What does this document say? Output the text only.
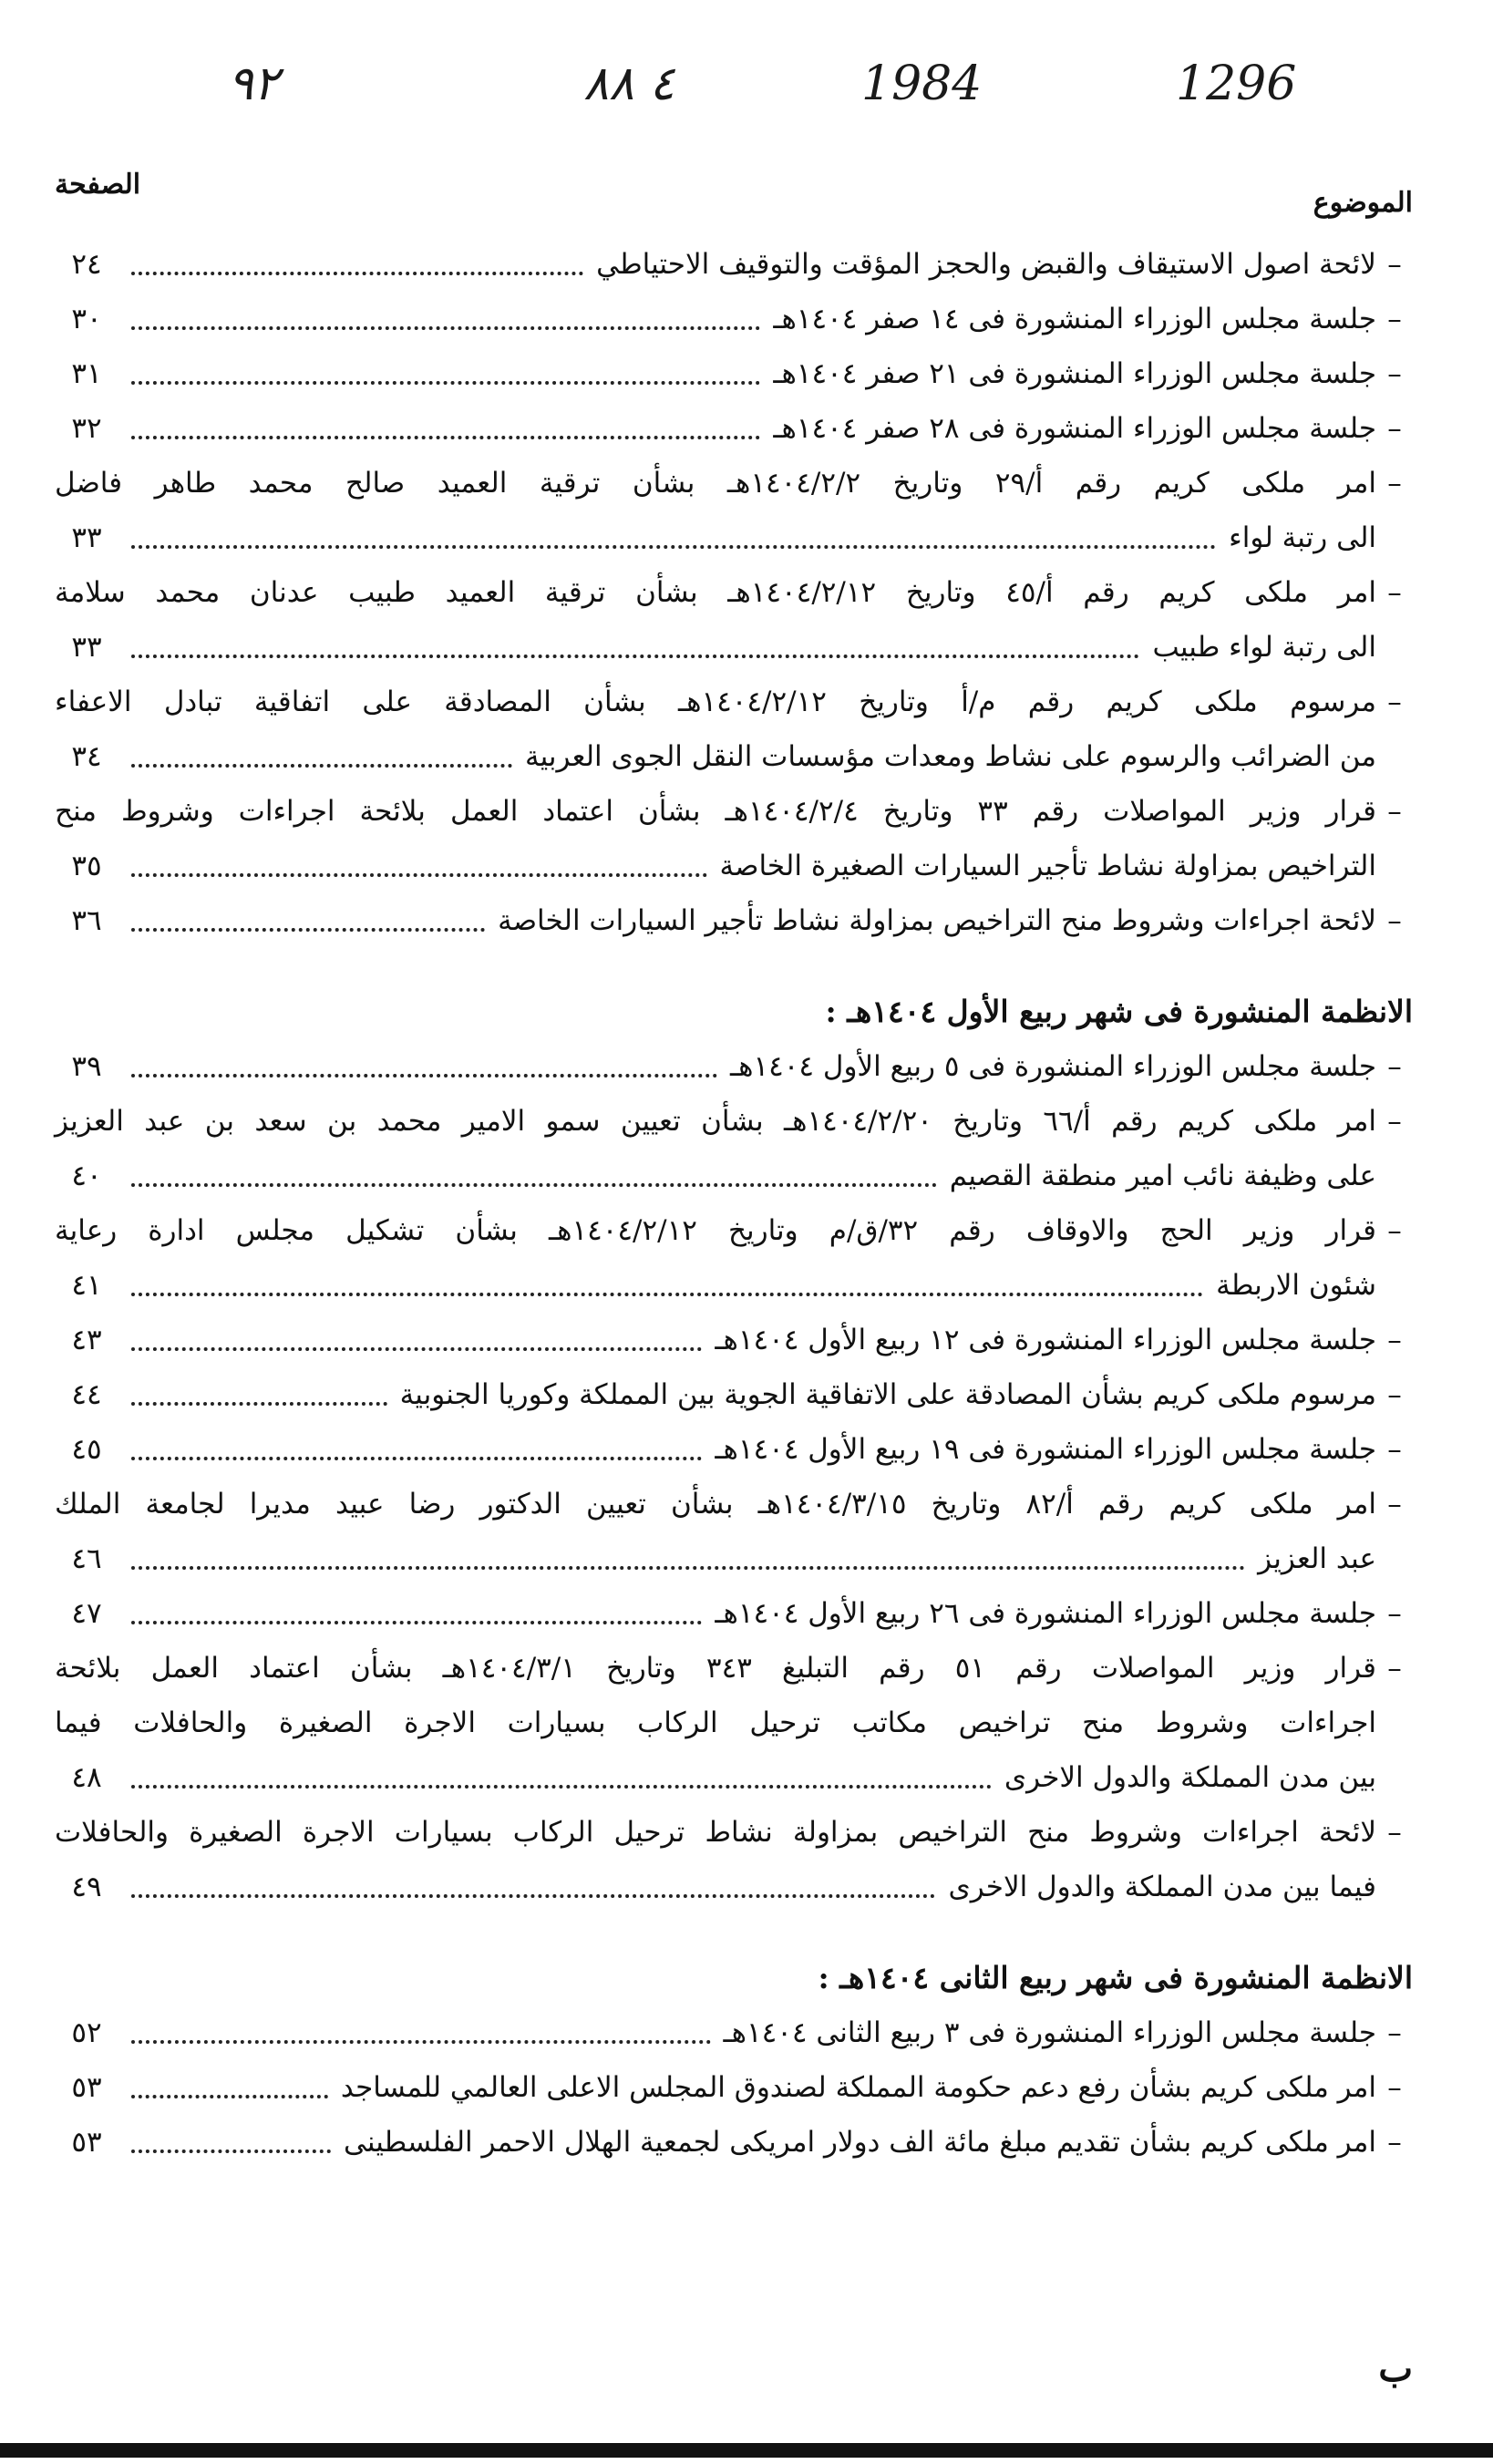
1296
1984
٤ ٨٨
٩٢
الموضوع
الصفحة
–
لائحة اصول الاستيقاف والقبض والحجز المؤقت والتوقيف الاحتياطي
٢٤
–
جلسة مجلس الوزراء المنشورة فى ١٤ صفر ١٤٠٤هـ
٣٠
–
جلسة مجلس الوزراء المنشورة فى ٢١ صفر ١٤٠٤هـ
٣١
–
جلسة مجلس الوزراء المنشورة فى ٢٨ صفر ١٤٠٤هـ
٣٢
–
امر ملكى كريم رقم أ/٢٩ وتاريخ ١٤٠٤/٢/٢هـ بشأن ترقية العميد صالح محمد طاهر فاضل
الى رتبة لواء
٣٣
–
امر ملكى كريم رقم أ/٤٥ وتاريخ ١٤٠٤/٢/١٢هـ بشأن ترقية العميد طبيب عدنان محمد سلامة
الى رتبة لواء طبيب
٣٣
–
مرسوم ملكى كريم رقم م/أ وتاريخ ١٤٠٤/٢/١٢هـ بشأن المصادقة على اتفاقية تبادل الاعفاء
من الضرائب والرسوم على نشاط ومعدات مؤسسات النقل الجوى العربية
٣٤
–
قرار وزير المواصلات رقم ٣٣ وتاريخ ١٤٠٤/٢/٤هـ بشأن اعتماد العمل بلائحة اجراءات وشروط منح
التراخيص بمزاولة نشاط تأجير السيارات الصغيرة الخاصة
٣٥
–
لائحة اجراءات وشروط منح التراخيص بمزاولة نشاط تأجير السيارات الخاصة
٣٦
الانظمة المنشورة فى شهر ربيع الأول ١٤٠٤هـ :
–
جلسة مجلس الوزراء المنشورة فى ٥ ربيع الأول ١٤٠٤هـ
٣٩
–
امر ملكى كريم رقم أ/٦٦ وتاريخ ١٤٠٤/٢/٢٠هـ بشأن تعيين سمو الامير محمد بن سعد بن عبد العزيز
على وظيفة نائب امير منطقة القصيم
٤٠
–
قرار وزير الحج والاوقاف رقم ٣٢/ق/م وتاريخ ١٤٠٤/٢/١٢هـ بشأن تشكيل مجلس ادارة رعاية
شئون الاربطة
٤١
–
جلسة مجلس الوزراء المنشورة فى ١٢ ربيع الأول ١٤٠٤هـ
٤٣
–
مرسوم ملكى كريم بشأن المصادقة على الاتفاقية الجوية بين المملكة وكوريا الجنوبية
٤٤
–
جلسة مجلس الوزراء المنشورة فى ١٩ ربيع الأول ١٤٠٤هـ
٤٥
–
امر ملكى كريم رقم أ/٨٢ وتاريخ ١٤٠٤/٣/١٥هـ بشأن تعيين الدكتور رضا عبيد مديرا لجامعة الملك
عبد العزيز
٤٦
–
جلسة مجلس الوزراء المنشورة فى ٢٦ ربيع الأول ١٤٠٤هـ
٤٧
–
قرار وزير المواصلات رقم ٥١ رقم التبليغ ٣٤٣ وتاريخ ١٤٠٤/٣/١هـ بشأن اعتماد العمل بلائحة
اجراءات وشروط منح تراخيص مكاتب ترحيل الركاب بسيارات الاجرة الصغيرة والحافلات فيما
بين مدن المملكة والدول الاخرى
٤٨
–
لائحة اجراءات وشروط منح التراخيص بمزاولة نشاط ترحيل الركاب بسيارات الاجرة الصغيرة والحافلات
فيما بين مدن المملكة والدول الاخرى
٤٩
الانظمة المنشورة فى شهر ربيع الثانى ١٤٠٤هـ :
–
جلسة مجلس الوزراء المنشورة فى ٣ ربيع الثانى ١٤٠٤هـ
٥٢
–
امر ملكى كريم بشأن رفع دعم حكومة المملكة لصندوق المجلس الاعلى العالمي للمساجد
٥٣
–
امر ملكى كريم بشأن تقديم مبلغ مائة الف دولار امريكى لجمعية الهلال الاحمر الفلسطينى
٥٣
ب
